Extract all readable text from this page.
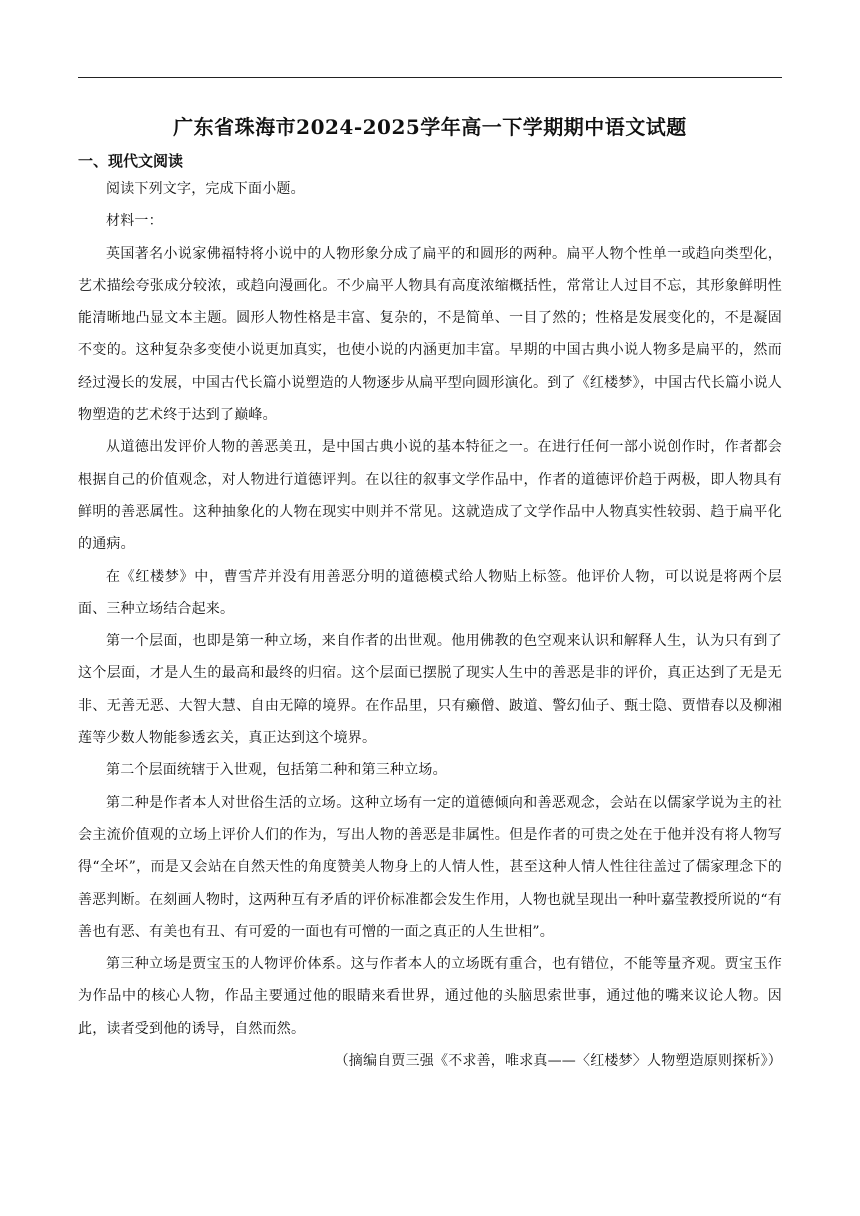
广东省珠海市2024-2025学年高一下学期期中语文试题
一、现代文阅读

阅读下列文字，完成下面小题。

材料一：

英国著名小说家佛福特将小说中的人物形象分成了扁平的和圆形的两种。扁平人物个性单一或趋向类型化，艺术描绘夸张成分较浓，或趋向漫画化。不少扁平人物具有高度浓缩概括性，常常让人过目不忘，其形象鲜明性能清晰地凸显文本主题。圆形人物性格是丰富、复杂的，不是简单、一目了然的；性格是发展变化的，不是凝固不变的。这种复杂多变使小说更加真实，也使小说的内涵更加丰富。早期的中国古典小说人物多是扁平的，然而经过漫长的发展，中国古代长篇小说塑造的人物逐步从扁平型向圆形演化。到了《红楼梦》，中国古代长篇小说人物塑造的艺术终于达到了巅峰。

从道德出发评价人物的善恶美丑，是中国古典小说的基本特征之一。在进行任何一部小说创作时，作者都会根据自己的价值观念，对人物进行道德评判。在以往的叙事文学作品中，作者的道德评价趋于两极，即人物具有鲜明的善恶属性。这种抽象化的人物在现实中则并不常见。这就造成了文学作品中人物真实性较弱、趋于扁平化的通病。

在《红楼梦》中，曹雪芹并没有用善恶分明的道德模式给人物贴上标签。他评价人物，可以说是将两个层面、三种立场结合起来。

第一个层面，也即是第一种立场，来自作者的出世观。他用佛教的色空观来认识和解释人生，认为只有到了这个层面，才是人生的最高和最终的归宿。这个层面已摆脱了现实人生中的善恶是非的评价，真正达到了无是无非、无善无恶、大智大慧、自由无障的境界。在作品里，只有癞僧、跛道、警幻仙子、甄士隐、贾惜春以及柳湘莲等少数人物能参透玄关，真正达到这个境界。

第二个层面统辖于入世观，包括第二种和第三种立场。

第二种是作者本人对世俗生活的立场。这种立场有一定的道德倾向和善恶观念，会站在以儒家学说为主的社会主流价值观的立场上评价人们的作为，写出人物的善恶是非属性。但是作者的可贵之处在于他并没有将人物写得“全坏”，而是又会站在自然天性的角度赞美人物身上的人情人性，甚至这种人情人性往往盖过了儒家理念下的善恶判断。在刻画人物时，这两种互有矛盾的评价标准都会发生作用，人物也就呈现出一种叶嘉莹教授所说的“有善也有恶、有美也有丑、有可爱的一面也有可憎的一面之真正的人生世相”。

第三种立场是贾宝玉的人物评价体系。这与作者本人的立场既有重合，也有错位，不能等量齐观。贾宝玉作为作品中的核心人物，作品主要通过他的眼睛来看世界，通过他的头脑思索世事，通过他的嘴来议论人物。因此，读者受到他的诱导，自然而然。

（摘编自贾三强《不求善，唯求真——〈红楼梦〉人物塑造原则探析》）
